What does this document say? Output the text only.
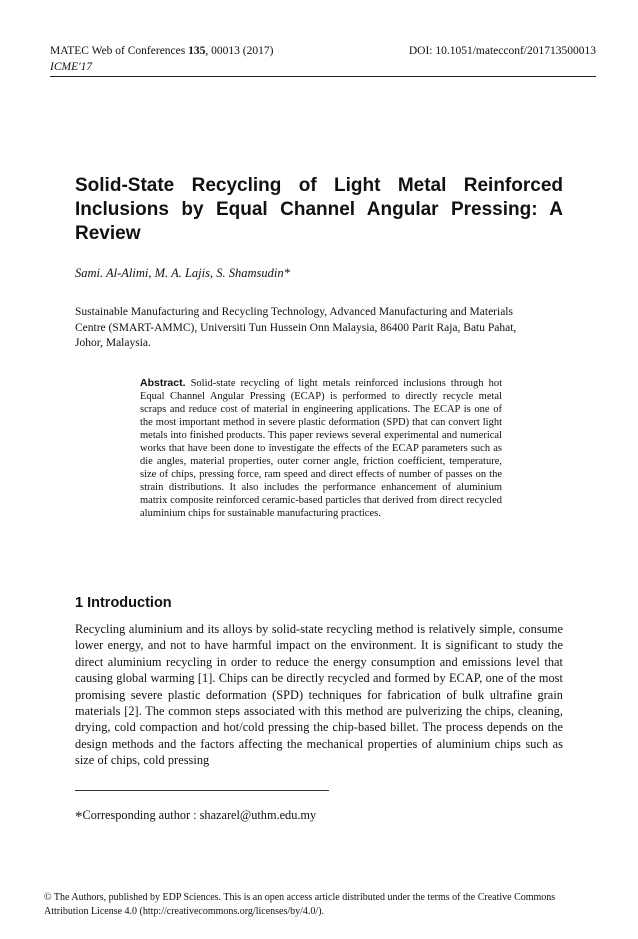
MATEC Web of Conferences 135, 00013 (2017)	DOI: 10.1051/matecconf/201713500013
ICME'17
Solid-State Recycling of Light Metal Reinforced Inclusions by Equal Channel Angular Pressing: A Review
Sami. Al-Alimi, M. A. Lajis, S. Shamsudin*
Sustainable Manufacturing and Recycling Technology, Advanced Manufacturing and Materials Centre (SMART-AMMC), Universiti Tun Hussein Onn Malaysia, 86400 Parit Raja, Batu Pahat, Johor, Malaysia.
Abstract. Solid-state recycling of light metals reinforced inclusions through hot Equal Channel Angular Pressing (ECAP) is performed to directly recycle metal scraps and reduce cost of material in engineering applications. The ECAP is one of the most important method in severe plastic deformation (SPD) that can convert light metals into finished products. This paper reviews several experimental and numerical works that have been done to investigate the effects of the ECAP parameters such as die angles, material properties, outer corner angle, friction coefficient, temperature, size of chips, pressing force, ram speed and direct effects of number of passes on the strain distributions. It also includes the performance enhancement of aluminium matrix composite reinforced ceramic-based particles that derived from direct recycled aluminium chips for sustainable manufacturing practices.
1 Introduction
Recycling aluminium and its alloys by solid-state recycling method is relatively simple, consume lower energy, and not to have harmful impact on the environment. It is significant to study the direct aluminium recycling in order to reduce the energy consumption and emissions level that causing global warming [1]. Chips can be directly recycled and formed by ECAP, one of the most promising severe plastic deformation (SPD) techniques for fabrication of bulk ultrafine grain materials [2]. The common steps associated with this method are pulverizing the chips, cleaning, drying, cold compaction and hot/cold pressing the chip-based billet. The process depends on the design methods and the factors affecting the mechanical properties of aluminium chips such as size of chips, cold pressing
*Corresponding author : shazarel@uthm.edu.my
© The Authors, published by EDP Sciences. This is an open access article distributed under the terms of the Creative Commons Attribution License 4.0 (http://creativecommons.org/licenses/by/4.0/).
